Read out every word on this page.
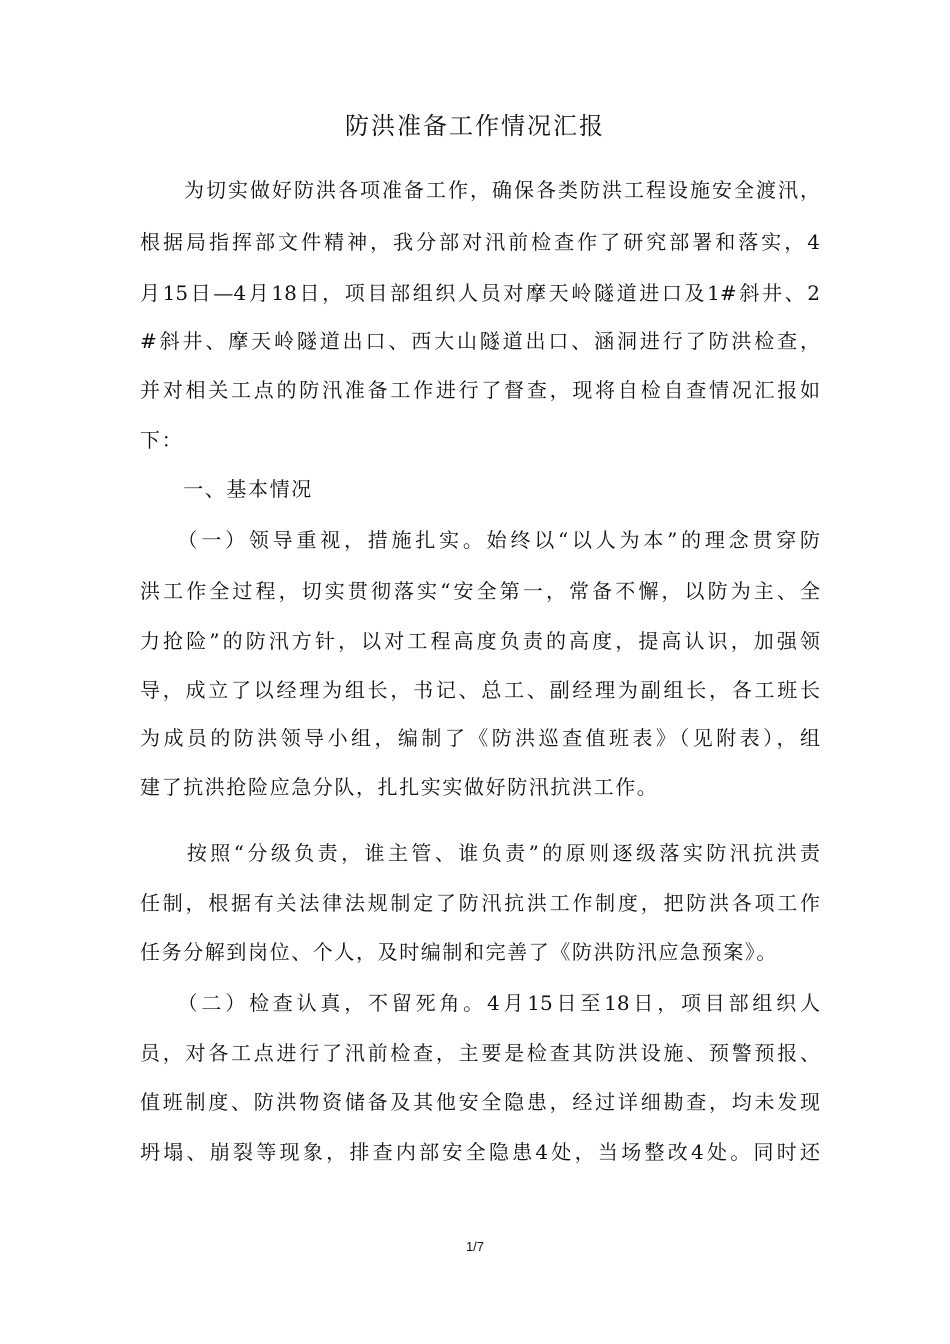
防洪准备工作情况汇报
　　为切实做好防洪各项准备工作，确保各类防洪工程设施安全渡汛，
根据局指挥部文件精神，我分部对汛前检查作了研究部署和落实，4
月15日—4月18日，项目部组织人员对摩天岭隧道进口及1#斜井、2
#斜井、摩天岭隧道出口、西大山隧道出口、涵洞进行了防洪检查，
并对相关工点的防汛准备工作进行了督查，现将自检自查情况汇报如
下：
　　一、基本情况
　　（一）领导重视，措施扎实。始终以“以人为本”的理念贯穿防
洪工作全过程，切实贯彻落实“安全第一，常备不懈，以防为主、全
力抢险”的防汛方针，以对工程高度负责的高度，提高认识，加强领
导，成立了以经理为组长，书记、总工、副经理为副组长，各工班长
为成员的防洪领导小组，编制了《防洪巡查值班表》（见附表），组
建了抗洪抢险应急分队，扎扎实实做好防汛抗洪工作。
　　按照“分级负责，谁主管、谁负责”的原则逐级落实防汛抗洪责
任制，根据有关法律法规制定了防汛抗洪工作制度，把防洪各项工作
任务分解到岗位、个人，及时编制和完善了《防洪防汛应急预案》。
　　（二）检查认真，不留死角。4月15日至18日，项目部组织人
员，对各工点进行了汛前检查，主要是检查其防洪设施、预警预报、
值班制度、防洪物资储备及其他安全隐患，经过详细勘查，均未发现
坍塌、崩裂等现象，排查内部安全隐患4处，当场整改4处。同时还
1/7
